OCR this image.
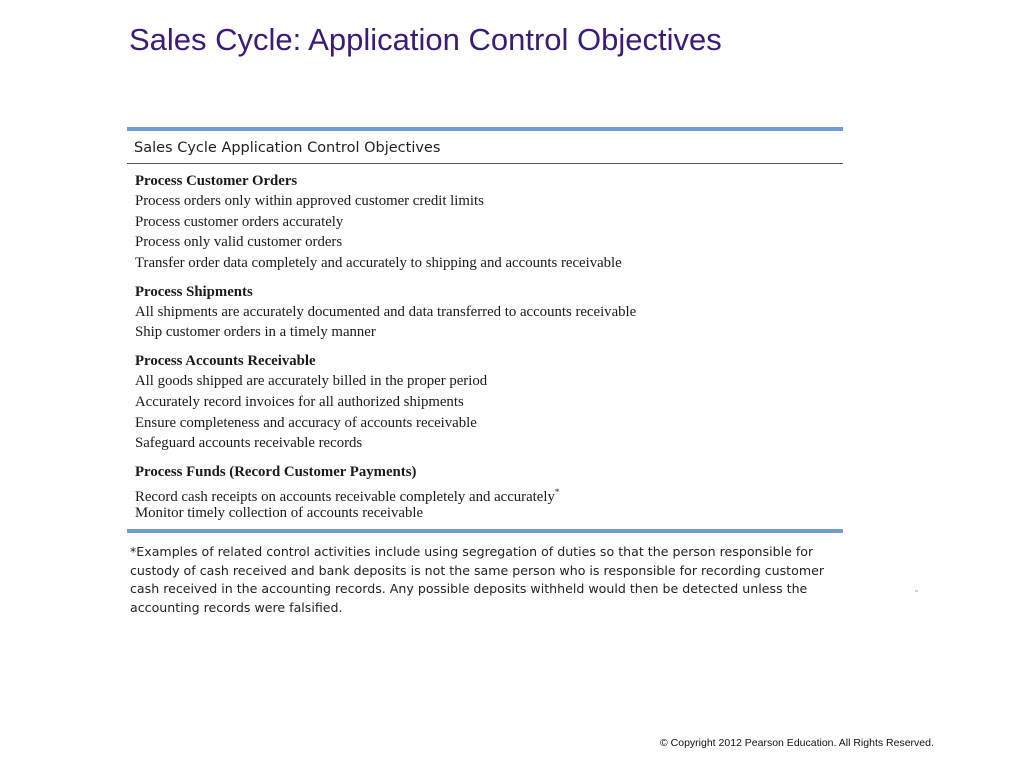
Sales Cycle: Application Control Objectives
Sales Cycle Application Control Objectives
Process Customer Orders
Process orders only within approved customer credit limits
Process customer orders accurately
Process only valid customer orders
Transfer order data completely and accurately to shipping and accounts receivable
Process Shipments
All shipments are accurately documented and data transferred to accounts receivable
Ship customer orders in a timely manner
Process Accounts Receivable
All goods shipped are accurately billed in the proper period
Accurately record invoices for all authorized shipments
Ensure completeness and accuracy of accounts receivable
Safeguard accounts receivable records
Process Funds (Record Customer Payments)
Record cash receipts on accounts receivable completely and accurately*
Monitor timely collection of accounts receivable
*Examples of related control activities include using segregation of duties so that the person responsible for custody of cash received and bank deposits is not the same person who is responsible for recording customer cash received in the accounting records. Any possible deposits withheld would then be detected unless the accounting records were falsified.
© Copyright 2012 Pearson Education. All Rights Reserved.
